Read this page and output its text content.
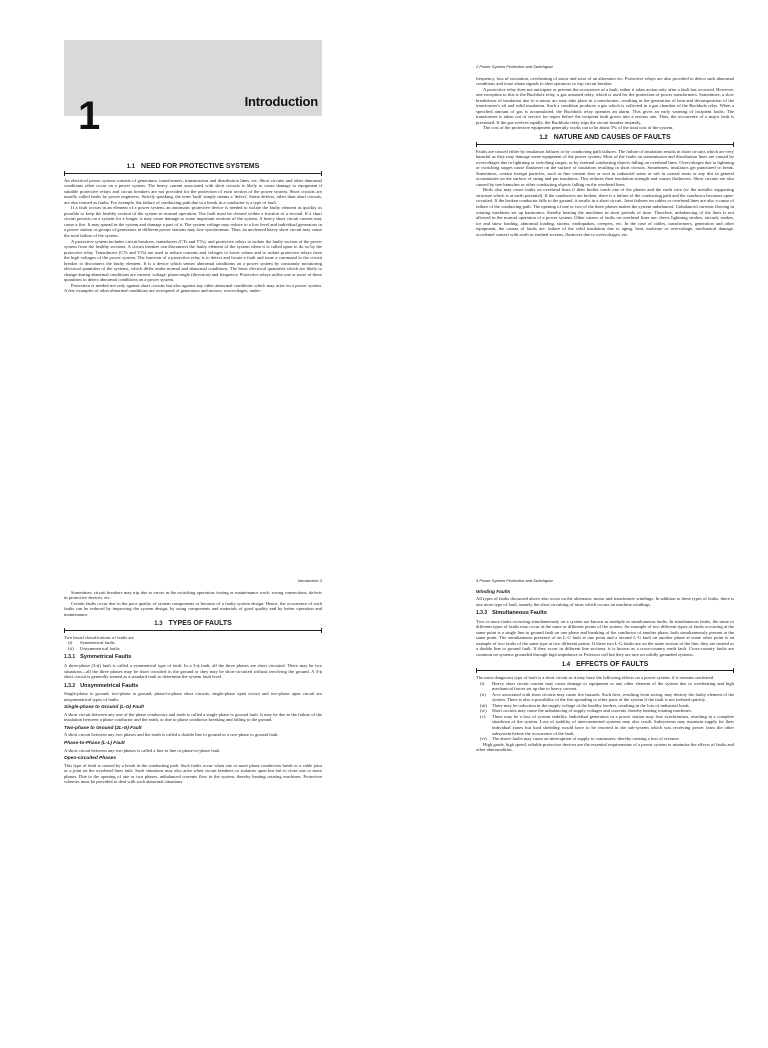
1	Introduction
1.1 NEED FOR PROTECTIVE SYSTEMS

An electrical power system consists of generators, transformers, transmission and distribution lines, etc. Short circuits and other abnormal conditions often occur on a power system. The heavy current associated with short circuits is likely to cause damage to equipment if suitable protective relays and circuit breakers are not provided for the protection of each section of the power system. Short circuits are usually called faults by power engineers. Strictly speaking, the term 'fault' simply means a 'defect'. Some defects, other than short circuits, are also termed as faults. For example, the failure of conducting path due to a break in a conductor is a type of fault.

If a fault occurs in an element of a power system, an automatic protective device is needed to isolate the faulty element as quickly as possible to keep the healthy section of the system in normal operation. The fault must be cleared within a fraction of a second. If a short circuit persists on a system for a longer, it may cause damage to some important sections of the system. A heavy short circuit current may cause a fire. It may spread in the system and damage a part of it. The system voltage may reduce to a low level and individual generators in a power station or groups of generators in different power stations may lose synchronism. Thus, an uncleared heavy short circuit may cause the total failure of the system.

A protective system includes circuit breakers, transducers (CTs and VTs), and protective relays to isolate the faulty section of the power system from the healthy sections. A circuit breaker can disconnect the faulty element of the system when it is called upon to do so by the protective relay. Transducers (CTs and VTs) are used to reduce currents and voltages to lower values and to isolate protective relays from the high voltages of the power system. The function of a protective relay is to detect and locate a fault and issue a command to the circuit breaker to disconnect the faulty element. It is a device which senses abnormal conditions on a power system by constantly monitoring electrical quantities of the systems, which differ under normal and abnormal conditions. The basic electrical quantities which are likely to change during abnormal conditions are current, voltage, phase-angle (direction) and frequency. Protective relays utilise one or more of these quantities to detect abnormal conditions on a power system.

Protection is needed not only against short circuits but also against any other abnormal conditions which may arise on a power system. A few examples of other abnormal conditions are overspeed of generators and motors, overvoltages, under-

2 Power System Protection and Switchgear

frequency, loss of excitation, overheating of stator and rotor of an alternator etc. Protective relays are also provided to detect such abnormal conditions and issue alarm signals to alert operators or trip circuit breaker.

A protective relay does not anticipate or prevent the occurrence of a fault, rather it takes action only after a fault has occurred. However, one exception to this is the Buchholz relay, a gas actuated relay, which is used for the protection of power transformers. Sometimes, a slow breakdown of insulation due to a minor arc may take place in a transformer, resulting in the generation of heat and decomposition of the transformer's oil and solid insulation. Such a condition produces a gas which is collected in a gas chamber of the Buchholz relay. When a specified amount of gas is accumulated, the Buchholz relay operates an alarm. This gives an early warning of incipient faults. The transformer is taken out of service for repair before the incipient fault grows into a serious one. Thus, the occurrence of a major fault is prevented. If the gas evolves rapidly, the Buchholz relay trips the circuit breaker instantly.

The cost of the protective equipment generally works out to be about 5% of the total cost of the system.

1.2 NATURE AND CAUSES OF FAULTS

Faults are caused either by insulation failures or by conducting path failures. The failure of insulation results in short circuits which are very harmful as they may damage some equipment of the power system. Most of the faults on transmission and distribution lines are caused by overvoltages due to lightning or switching surges, or by external conducting objects falling on overhead lines. Overvoltages due to lightning or switching surges cause flashover on the surface of insulators resulting in short circuits. Sometimes, insulators get punctured or break. Sometimes, certain foreign particles, such as fine cement dust or soot in industrial areas or salt in coastal areas or any dirt in general accumulates on the surface of string and pin insulators. This reduces their insulation strength and causes flashovers. Short circuits are also caused by tree branches or other conducting objects falling on the overhead lines.

Birds also may cause faults on overhead lines if their bodies touch one of the phases and the earth wire (or the metallic supporting structure which is at earth potential). If the conductors are broken, there is a failure of the conducting path and the conductor becomes open-circuited. If the broken conductor falls to the ground, it results in a short circuit. Joint failures on cables or overhead lines are also a cause of failure of the conducting path. The opening of one or two of the three phases makes the system unbalanced. Unbalanced currents flowing in rotating machines set up harmonics, thereby heating the machines in short periods of time. Therefore, unbalancing of the lines is not allowed in the normal operation of a power system. Other causes of faults on overhead lines are: direct lightning strokes, aircraft, snakes, ice and snow loading, abnormal loading, storms, earthquakes, creepers, etc. In the case of cables, transformers, generators and other equipment, the causes of faults are: failure of the solid insulation due to aging, heat, moisture or overvoltage, mechanical damage, accidental contact with earth or earthed screens, flashover due to overvoltages, etc.

Introduction 3

Sometimes, circuit breakers may trip due to errors in the switching operation, testing or maintenance work, wrong connections, defects in protective devices, etc.

Certain faults occur due to the poor quality of system components or because of a faulty system design. Hence, the occurrence of such faults can be reduced by improving the system design, by using components and materials of good quality and by better operation and maintenance.

1.3 TYPES OF FAULTS

Two broad classifications of faults are

(i) Symmetrical faults
(ii) Unsymmetrical faults
1.3.1 Symmetrical Faults

A three-phase (3-ϕ) fault is called a symmetrical type of fault. In a 3-ϕ fault, all the three phases are short circuited. There may be two situations—all the three phases may be short circuited to the ground or they may be short-circuited without involving the ground. A 3-ϕ short circuit is generally treated as a standard fault to determine the system fault level.

1.3.2 Unsymmetrical Faults

Single-phase to ground, two-phase to ground, phase-to-phase short circuits; single-phase open circuit and two-phase open circuit are unsymmetrical types of faults.

Single-phase to Ground (L-G) Fault

A short circuit between any one of the phase conductors and earth is called a single phase to ground fault. It may be due to the failure of the insulation between a phase conductor and the earth, or due to phase conductor breaking and falling to the ground.

Two-phase to Ground (2L-G) Fault

A short circuit between any two phases and the earth is called a double line to ground or a two-phase to ground fault.

Phase-to-Phase (L-L) Fault

A short circuit between any two phases is called a line to line or phase-to-phase fault.

Open-circuited Phases

This type of fault is caused by a break in the conducting path. Such faults occur when one or more phase conductors break or a cable joint or a joint on the overhead lines fails. Such situations may also arise when circuit breakers or isolators open but fail to close one or more phases. Due to the opening of one or two phases, unbalanced currents flow in the system, thereby heating rotating machines. Protective schemes must be provided to deal with such abnormal situations.

4 Power System Protection and Switchgear
Winding Faults

All types of faults discussed above also occur on the alternator, motor and transformer windings. In addition to these types of faults, there is one more type of fault, namely the short circuiting of turns which occurs on machine windings.

1.3.3 Simultaneous Faults

Two or more faults occurring simultaneously on a system are known as multiple or simultaneous faults. In simultaneous faults, the same or different types of faults may occur at the same or different points of the system. An example of two different types of faults occurring at the same point is a single line to ground fault on one phase and breaking of the conductor of another phase, both simultaneously present at the same point. The simultaneous presence of an L-G fault at one point and a second L-G fault on another phase at some other point is an example of two faults of the same type at two different points. If these two L-G faults are on the same section of the line, they are treated as a double line to ground fault. If they occur in different line sections, it is known as a cross-country earth fault. Cross-country faults are common on systems grounded through high impedance or Peterson coil but they are rare on solidly grounded systems.

1.4 EFFECTS OF FAULTS

The most dangerous type of fault is a short circuit as it may have the following effects on a power system, if it remains uncleared.

(i) Heavy short circuit current may cause damage to equipment or any other element of the system due to overheating and high mechanical forces set up due to heavy current.
(ii) Arcs associated with short circuits may cause fire hazards. Such fires, resulting from arcing, may destroy the faulty element of the system. There is also a possibility of the fire spreading to other parts of the system if the fault is not isolated quickly.
(iii) There may be reduction in the supply voltage of the healthy feeders, resulting in the loss of industrial loads.
(iv) Short circuits may cause the unbalancing of supply voltages and currents, thereby heating rotating machines.
(v) There may be a loss of system stability. Individual generators in a power station may lose synchronism, resulting in a complete shutdown of the system. Loss of stability of interconnected systems may also result. Subsystems may maintain supply for their individual zones but load shedding would have to be resorted in the sub-system which was receiving power from the other subsystem before the occurrence of the fault.
(vi) The above faults may cause an interruption of supply to consumers, thereby causing a loss of revenue.

High grade, high speed, reliable protective devices are the essential requirements of a power system to minimise the effects of faults and other abnormalities.
